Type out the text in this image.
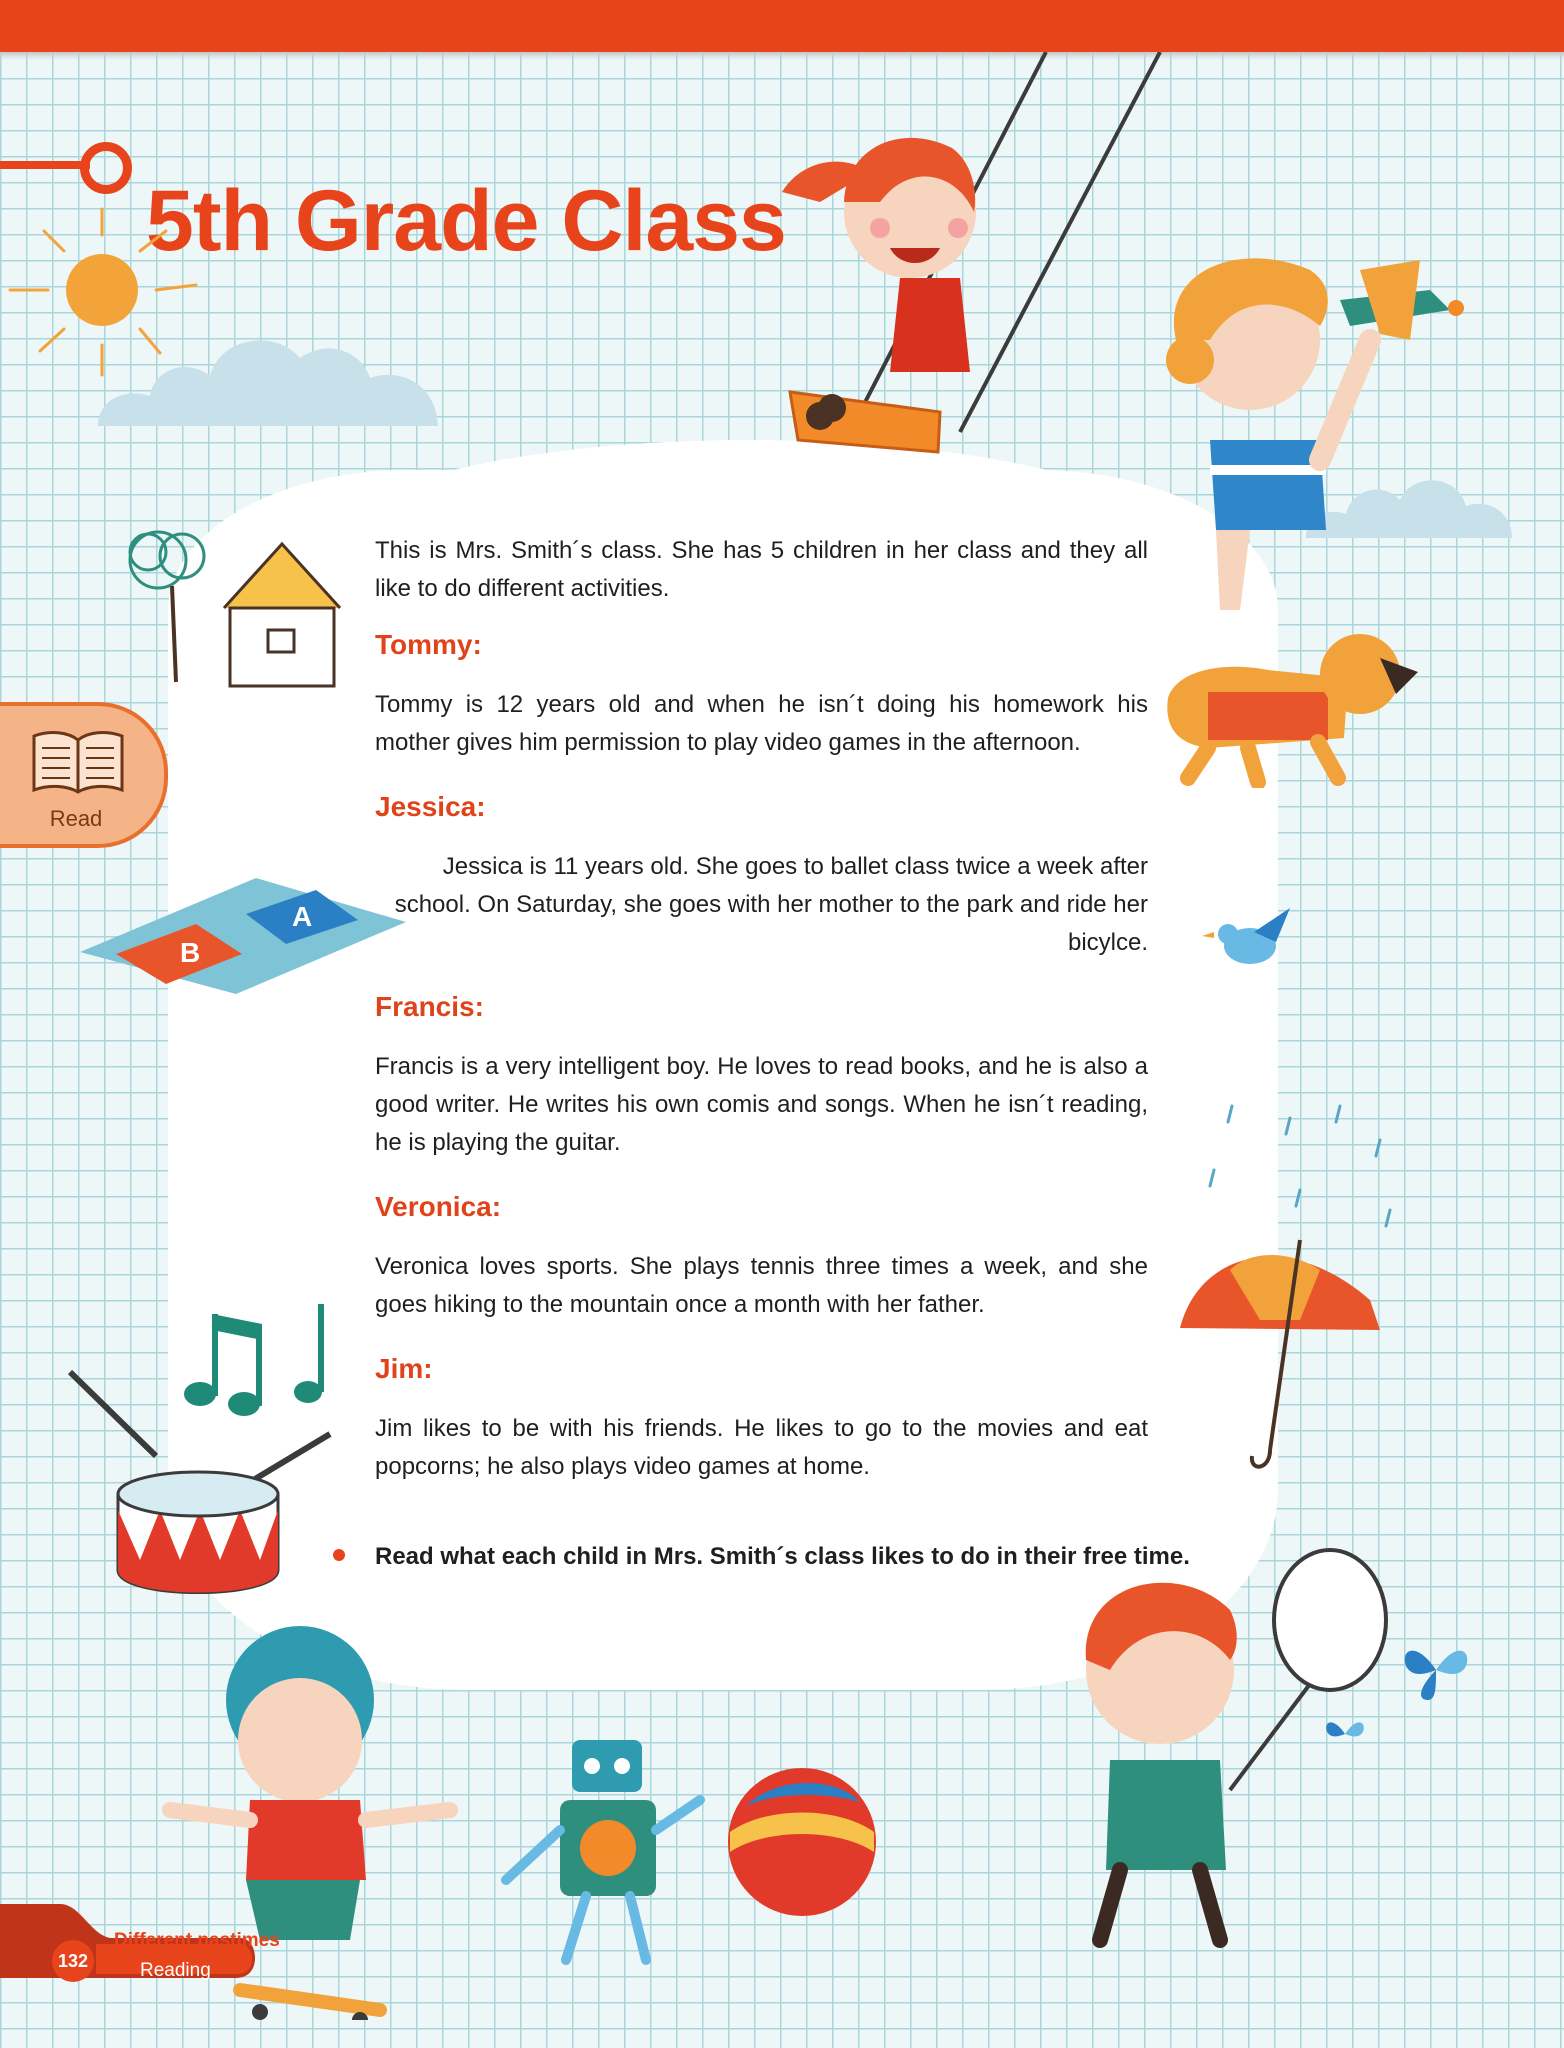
5th Grade Class

This is Mrs. Smith´s class. She has 5 children in her class and they all like to do different activities.

Tommy:

Tommy is 12 years old and when he isn´t doing his homework his mother gives him permission to play video games in the afternoon.

Jessica:

Jessica is 11 years old. She goes to ballet class twice a week after school. On Saturday, she goes with her mother to the park and ride her bicylce.

Francis:

Francis is a very intelligent boy. He loves to read books, and he is also a good writer. He writes his own comis and songs. When he isn´t reading, he is playing the guitar.

Veronica:

Veronica loves sports. She plays tennis three times a week, and she goes hiking to the mountain once a month with her father.

Jim:

Jim likes to be with his friends. He likes to go to the movies and eat popcorns; he also plays video games at home.

Read what each child in Mrs. Smith´s class likes to do in their free time.
Read
B
A
132
Different pastimes
Reading
